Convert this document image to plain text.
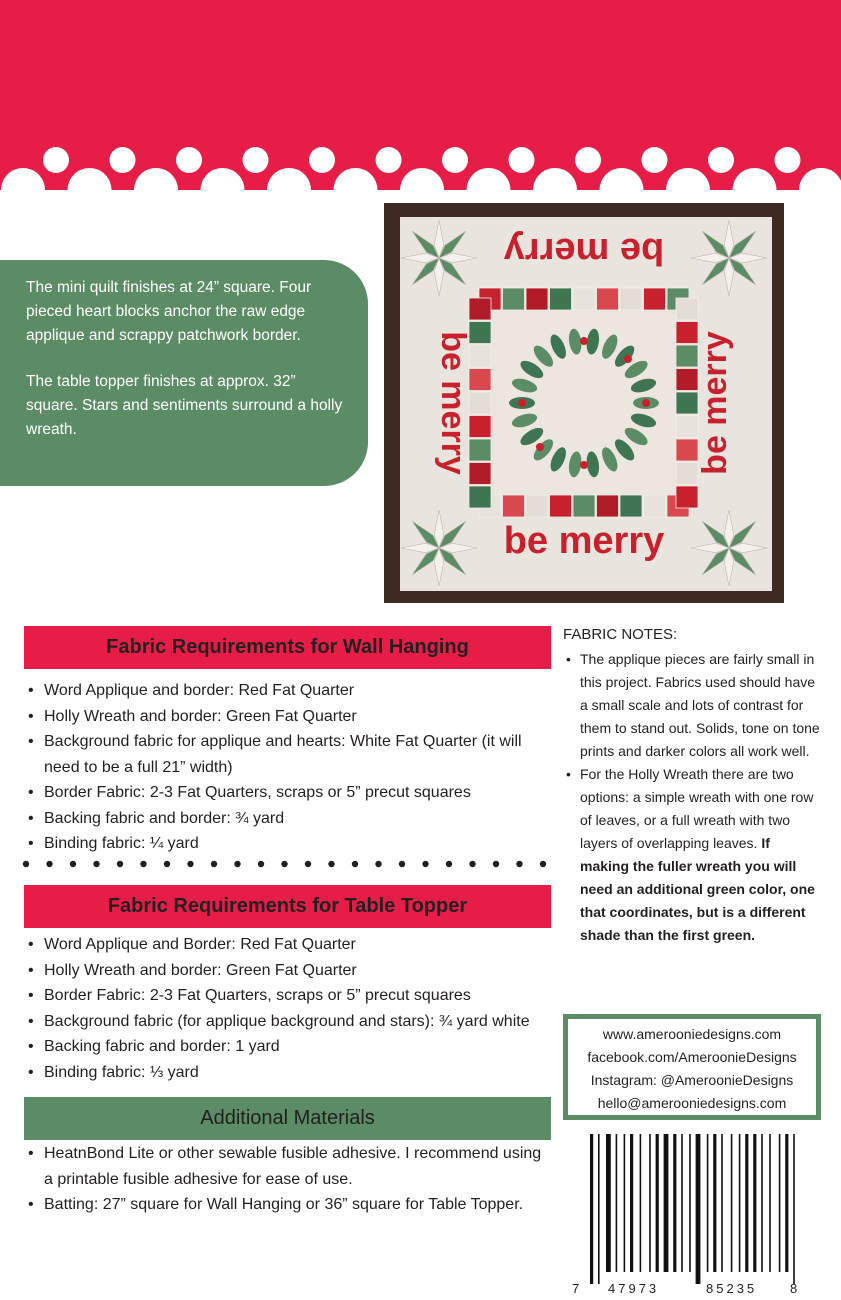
The mini quilt finishes at 24” square. Four pieced heart blocks anchor the raw edge applique and scrappy patchwork border.

The table topper finishes at approx. 32” square. Stars and sentiments surround a holly wreath.

be merry
be merry
be merry	be merry
Fabric Requirements for Wall Hanging
• Word Applique and border: Red Fat Quarter
• Holly Wreath and border: Green Fat Quarter
• Background fabric for applique and hearts: White Fat Quarter (it will need to be a full 21” width)
• Border Fabric: 2-3 Fat Quarters, scraps or 5” precut squares
• Backing fabric and border: ¾ yard
• Binding fabric: ¼ yard
Fabric Requirements for Table Topper
• Word Applique and Border: Red Fat Quarter
• Holly Wreath and border: Green Fat Quarter
• Border Fabric: 2-3 Fat Quarters, scraps or 5” precut squares
• Background fabric (for applique background and stars): ¾ yard white
• Backing fabric and border: 1 yard
• Binding fabric: ⅓ yard
Additional Materials
• HeatnBond Lite or other sewable fusible adhesive. I recommend using a printable fusible adhesive for ease of use.
• Batting: 27” square for Wall Hanging or 36” square for Table Topper.
FABRIC NOTES:
• The applique pieces are fairly small in this project. Fabrics used should have a small scale and lots of contrast for them to stand out. Solids, tone on tone prints and darker colors all work well.
• For the Holly Wreath there are two options: a simple wreath with one row of leaves, or a full wreath with two layers of overlapping leaves. If making the fuller wreath you will need an additional green color, one that coordinates, but is a different shade than the first green.
www.amerooniedesigns.com
facebook.com/AmeroonieDesigns
Instagram: @AmeroonieDesigns
hello@amerooniedesigns.com
7 47973	85235	8
